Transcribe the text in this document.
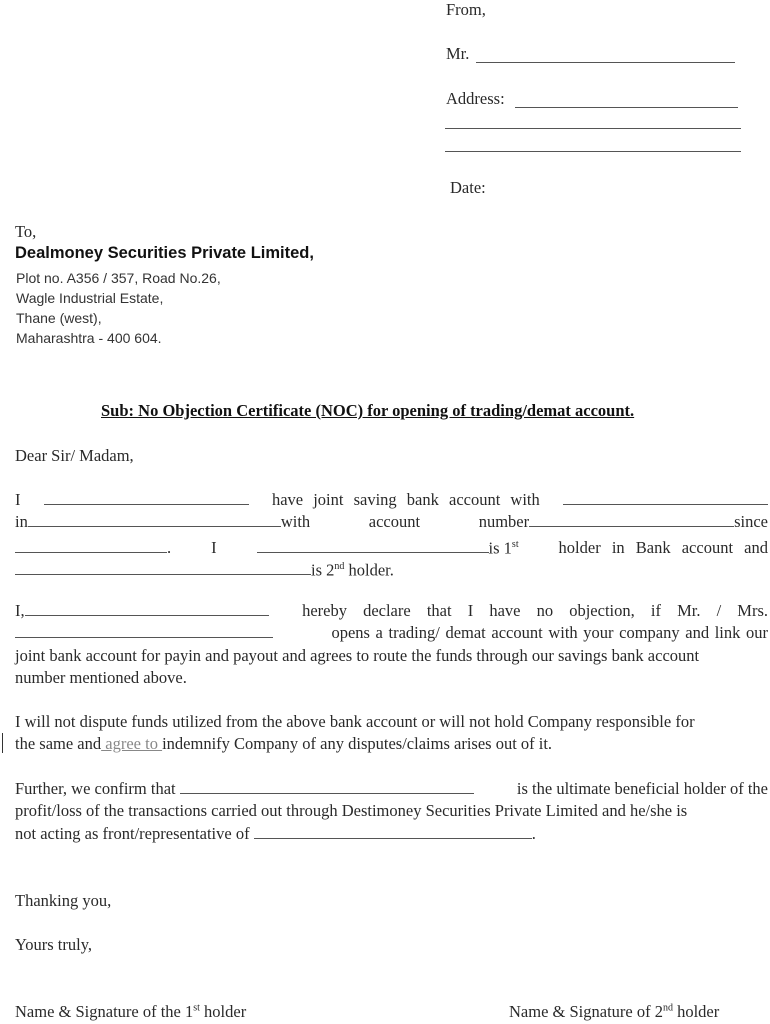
From,
Mr.
Address:
Date:
To,
Dealmoney Securities Private Limited,
Plot no. A356 / 357, Road No.26,
Wagle Industrial Estate,
Thane (west),
Maharashtra - 400 604.
Sub: No Objection Certificate (NOC) for opening of trading/demat account.
Dear Sir/ Madam,
I	have joint saving bank account with
in	with	account	number	since
. I	is 1st holder in Bank account and
is 2nd holder.
I,	hereby declare that I have no objection, if Mr. / Mrs.
opens a trading/ demat account with your company and link our
joint bank account for payin and payout and agrees to route the funds through our savings bank account
number mentioned above.
I will not dispute funds utilized from the above bank account or will not hold Company responsible for
the same and agree to indemnify Company of any disputes/claims arises out of it.
Further, we confirm that	is the ultimate beneficial holder of the
profit/loss of the transactions carried out through Destimoney Securities Private Limited and he/she is
not acting as front/representative of	.
Thanking you,
Yours truly,
Name & Signature of the 1st holder	Name & Signature of 2nd holder
